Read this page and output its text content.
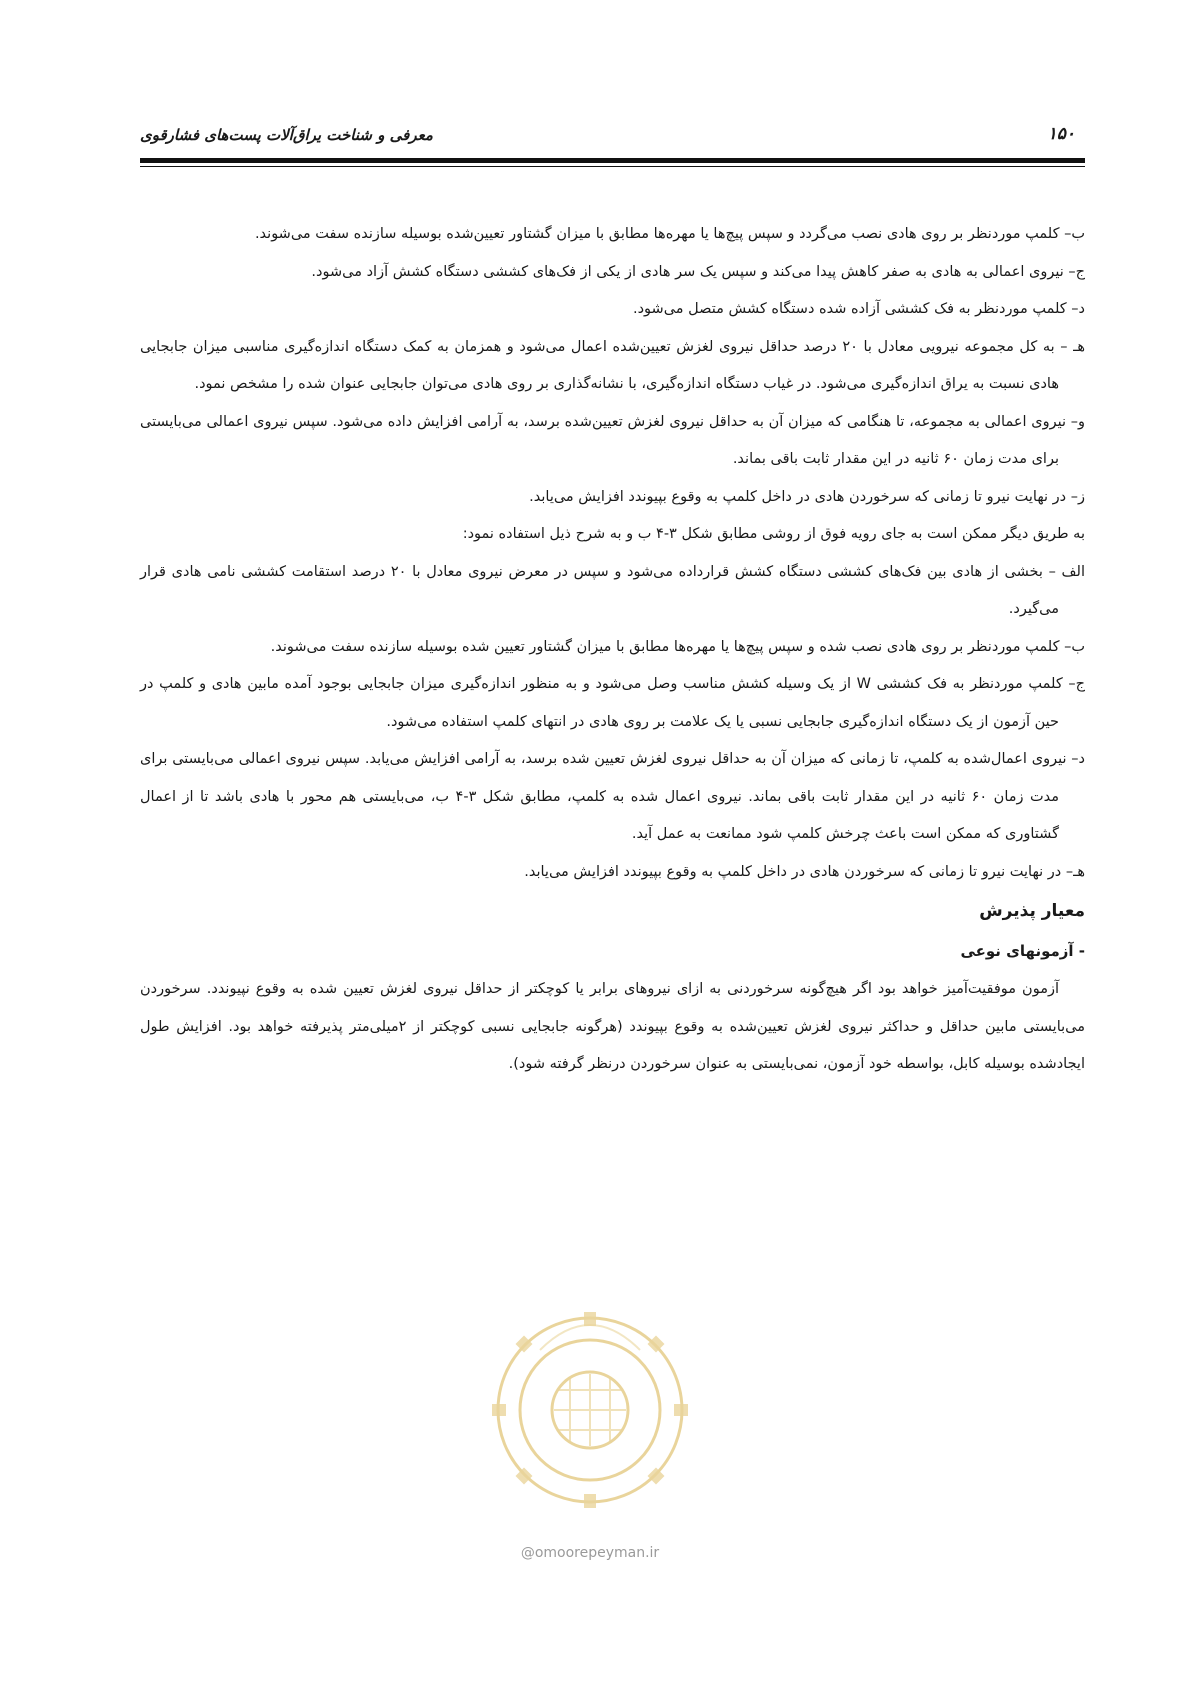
معرفی و شناخت یراق‌آلات پست‌های فشارقوی	۱۵۰

ب– کلمپ موردنظر بر روی هادی نصب می‌گردد و سپس پیچ‌ها یا مهره‌ها مطابق با میزان گشتاور تعیین‌شده بوسیله سازنده سفت می‌شوند.

ج– نیروی اعمالی به هادی به صفر کاهش پیدا می‌کند و سپس یک سر هادی از یکی از فک‌های کششی دستگاه کشش آزاد می‌شود.

د– کلمپ موردنظر به فک کششی آزاده شده دستگاه کشش متصل می‌شود.

هـ – به کل مجموعه نیرویی معادل با ۲۰ درصد حداقل نیروی لغزش تعیین‌شده اعمال می‌شود و همزمان به کمک دستگاه اندازه‌گیری مناسبی میزان جابجایی هادی نسبت به یراق اندازه‌گیری می‌شود. در غیاب دستگاه اندازه‌گیری، با نشانه‌گذاری بر روی هادی می‌توان جابجایی عنوان شده را مشخص نمود.

و– نیروی اعمالی به مجموعه، تا هنگامی که میزان آن به حداقل نیروی لغزش تعیین‌شده برسد، به آرامی افزایش داده می‌شود. سپس نیروی اعمالی می‌بایستی برای مدت زمان ۶۰ ثانیه در این مقدار ثابت باقی بماند.

ز– در نهایت نیرو تا زمانی که سرخوردن هادی در داخل کلمپ به وقوع بپیوندد افزایش می‌یابد.

به طریق دیگر ممکن است به جای رویه فوق از روشی مطابق شکل ۳-۴ ب و به شرح ذیل استفاده نمود:

الف – بخشی از هادی بین فک‌های کششی دستگاه کشش قرارداده می‌شود و سپس در معرض نیروی معادل با ۲۰ درصد استقامت کششی نامی هادی قرار می‌گیرد.

ب– کلمپ موردنظر بر روی هادی نصب شده و سپس پیچ‌ها یا مهره‌ها مطابق با میزان گشتاور تعیین شده بوسیله سازنده سفت می‌شوند.

ج– کلمپ موردنظر به فک کششی W از یک وسیله کشش مناسب وصل می‌شود و به منظور اندازه‌گیری میزان جابجایی بوجود آمده مابین هادی و کلمپ در حین آزمون از یک دستگاه اندازه‌گیری جابجایی نسبی یا یک علامت بر روی هادی در انتهای کلمپ استفاده می‌شود.

د– نیروی اعمال‌شده به کلمپ، تا زمانی که میزان آن به حداقل نیروی لغزش تعیین شده برسد، به آرامی افزایش می‌یابد. سپس نیروی اعمالی می‌بایستی برای مدت زمان ۶۰ ثانیه در این مقدار ثابت باقی بماند. نیروی اعمال شده به کلمپ، مطابق شکل ۳-۴ ب، می‌بایستی هم محور با هادی باشد تا از اعمال گشتاوری که ممکن است باعث چرخش کلمپ شود ممانعت به عمل آید.

هـ– در نهایت نیرو تا زمانی که سرخوردن هادی در داخل کلمپ به وقوع بپیوندد افزایش می‌یابد.

معیار پذیرش
- آزمونهای نوعی

آزمون موفقیت‌آمیز خواهد بود اگر هیچ‌گونه سرخوردنی به ازای نیروهای برابر یا کوچکتر از حداقل نیروی لغزش تعیین شده به وقوع نپیوندد. سرخوردن می‌بایستی مابین حداقل و حداکثر نیروی لغزش تعیین‌شده به وقوع بپیوندد (هرگونه جابجایی نسبی کوچکتر از ۲میلی‌متر پذیرفته خواهد بود. افزایش طول ایجادشده بوسیله کابل، بواسطه خود آزمون، نمی‌بایستی به عنوان سرخوردن درنظر گرفته شود).

@omoorepeyman.ir
